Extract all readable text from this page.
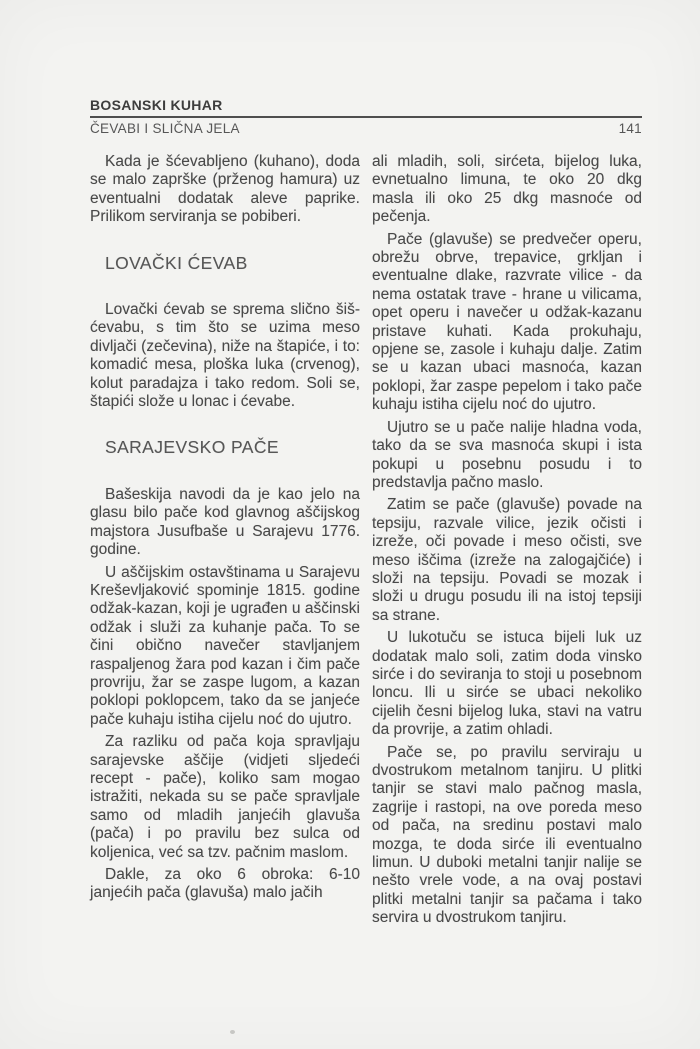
BOSANSKI KUHAR
ČEVABI I SLIČNA JELA	141

Kada je šćevabljeno (kuhano), doda se malo zaprške (prženog hamura) uz eventualni dodatak aleve paprike. Prilikom serviranja se pobiberi.

LOVAČKI ĆEVAB

Lovački ćevab se sprema slično šiš-ćevabu, s tim što se uzima meso divljači (zečevina), niže na štapiće, i to: komadić mesa, ploška luka (crvenog), kolut paradajza i tako redom. Soli se, štapići slože u lonac i ćevabe.

SARAJEVSKO PAČE

Bašeskija navodi da je kao jelo na glasu bilo pače kod glavnog aščijskog majstora Jusufbaše u Sarajevu 1776. godine.

U aščijskim ostavštinama u Sarajevu Kreševljaković spominje 1815. godine odžak-kazan, koji je ugrađen u aščinski odžak i služi za kuhanje pača. To se čini obično navečer stavljanjem raspaljenog žara pod kazan i čim pače provriju, žar se zaspe lugom, a kazan poklopi poklopcem, tako da se janjeće pače kuhaju istiha cijelu noć do ujutro.

Za razliku od pača koja spravljaju sarajevske aščije (vidjeti sljedeći recept - pače), koliko sam mogao istražiti, nekada su se pače spravljale samo od mladih janjećih glavuša (pača) i po pravilu bez sulca od koljenica, već sa tzv. pačnim maslom.

Dakle, za oko 6 obroka: 6-10 janjećih pača (glavuša) malo jačih

ali mladih, soli, sirćeta, bijelog luka, evnetualno limuna, te oko 20 dkg masla ili oko 25 dkg masnoće od pečenja.

Pače (glavuše) se predvečer operu, obrežu obrve, trepavice, grkljan i eventualne dlake, razvrate vilice - da nema ostatak trave - hrane u vilicama, opet operu i navečer u odžak-kazanu pristave kuhati. Kada prokuhaju, opjene se, zasole i kuhaju dalje. Zatim se u kazan ubaci masnoća, kazan poklopi, žar zaspe pepelom i tako pače kuhaju istiha cijelu noć do ujutro.

Ujutro se u pače nalije hladna voda, tako da se sva masnoća skupi i ista pokupi u posebnu posudu i to predstavlja pačno maslo.

Zatim se pače (glavuše) povade na tepsiju, razvale vilice, jezik očisti i izreže, oči povade i meso očisti, sve meso iščima (izreže na zalogajčiće) i složi na tepsiju. Povadi se mozak i složi u drugu posudu ili na istoj tepsiji sa strane.

U lukotuču se istuca bijeli luk uz dodatak malo soli, zatim doda vinsko sirće i do seviranja to stoji u posebnom loncu. Ili u sirće se ubaci nekoliko cijelih česni bijelog luka, stavi na vatru da provrije, a zatim ohladi.

Pače se, po pravilu serviraju u dvostrukom metalnom tanjiru. U plitki tanjir se stavi malo pačnog masla, zagrije i rastopi, na ove poreda meso od pača, na sredinu postavi malo mozga, te doda sirće ili eventualno limun. U duboki metalni tanjir nalije se nešto vrele vode, a na ovaj postavi plitki metalni tanjir sa pačama i tako servira u dvostrukom tanjiru.
